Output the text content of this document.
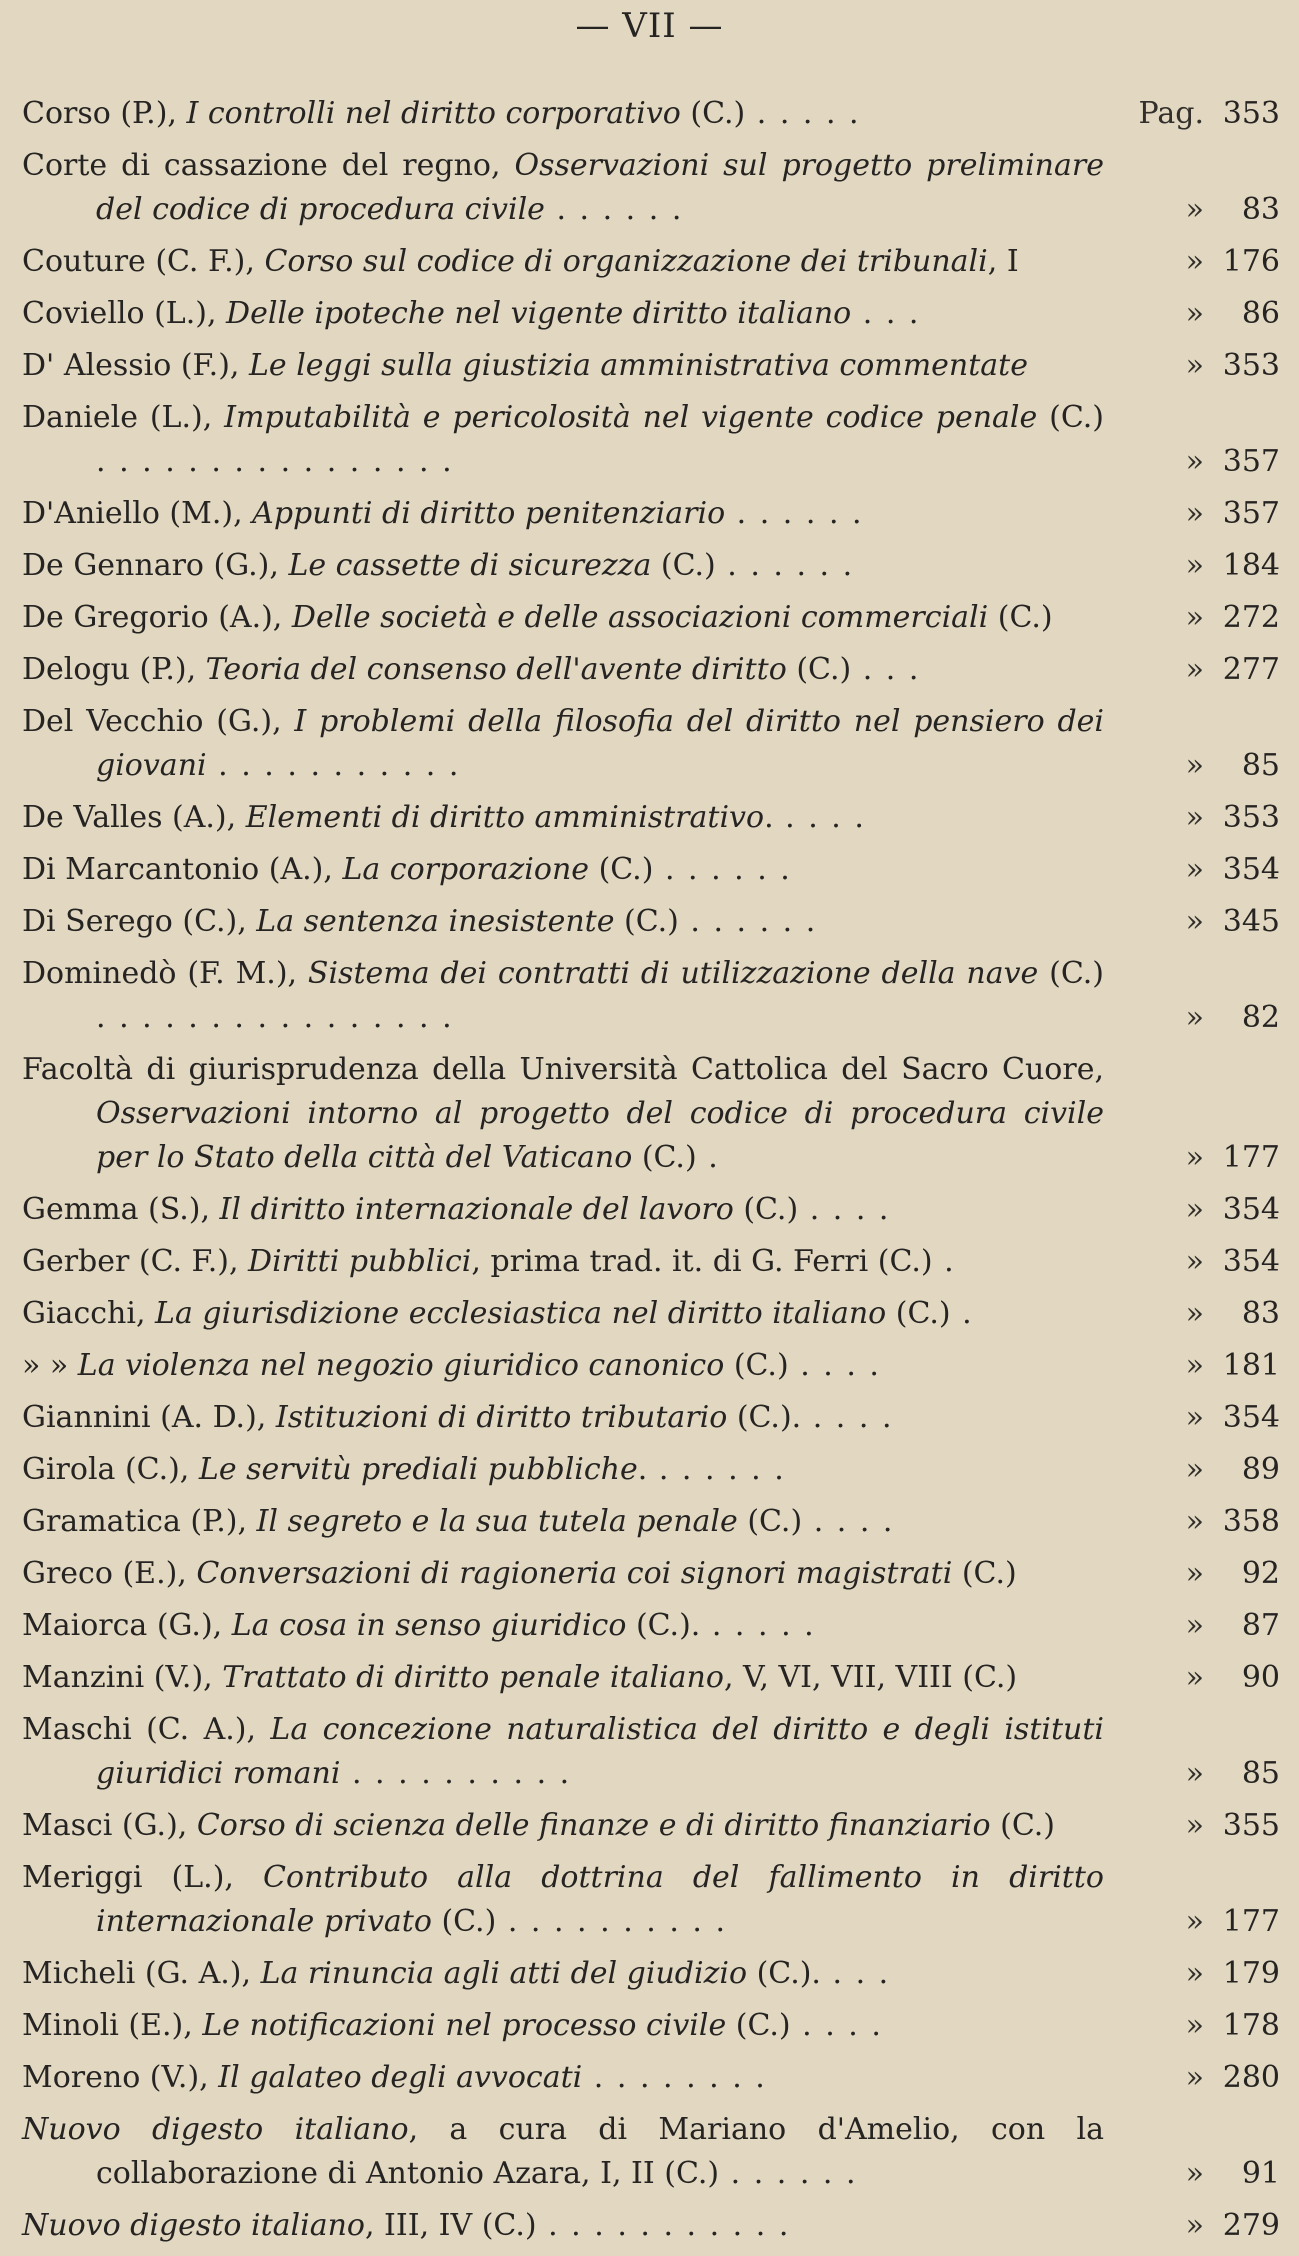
— VII —
Corso (P.), I controlli nel diritto corporativo (C.) . . . . .	Pag. 353
Corte di cassazione del regno, Osservazioni sul progetto preliminare del codice di procedura civile . . . . . .	»	83
Couture (C. F.), Corso sul codice di organizzazione dei tribunali, I	» 176
Coviello (L.), Delle ipoteche nel vigente diritto italiano . . .	»	86
D' Alessio (F.), Le leggi sulla giustizia amministrativa commentate	» 353
Daniele (L.), Imputabilità e pericolosità nel vigente codice penale (C.) . . . . . . . . . . . . . . . .	» 357
D'Aniello (M.), Appunti di diritto penitenziario . . . . . .	» 357
De Gennaro (G.), Le cassette di sicurezza (C.) . . . . . .	» 184
De Gregorio (A.), Delle società e delle associazioni commerciali (C.)	» 272
Delogu (P.), Teoria del consenso dell'avente diritto (C.) . . .	» 277
Del Vecchio (G.), I problemi della filosofia del diritto nel pensiero dei giovani . . . . . . . . . . .	»	85
De Valles (A.), Elementi di diritto amministrativo. . . . .	» 353
Di Marcantonio (A.), La corporazione (C.) . . . . . .	» 354
Di Serego (C.), La sentenza inesistente (C.) . . . . . .	» 345
Dominedò (F. M.), Sistema dei contratti di utilizzazione della nave (C.) . . . . . . . . . . . . . . . .	»	82
Facoltà di giurisprudenza della Università Cattolica del Sacro Cuore, Osservazioni intorno al progetto del codice di procedura civile per lo Stato della città del Vaticano (C.) .	» 177
Gemma (S.), Il diritto internazionale del lavoro (C.) . . . .	» 354
Gerber (C. F.), Diritti pubblici, prima trad. it. di G. Ferri (C.) .	» 354
Giacchi, La giurisdizione ecclesiastica nel diritto italiano (C.) .	»	83
» » La violenza nel negozio giuridico canonico (C.) . . . .	» 181
Giannini (A. D.), Istituzioni di diritto tributario (C.). . . . .	» 354
Girola (C.), Le servitù prediali pubbliche. . . . . . .	»	89
Gramatica (P.), Il segreto e la sua tutela penale (C.) . . . .	» 358
Greco (E.), Conversazioni di ragioneria coi signori magistrati (C.)	»	92
Maiorca (G.), La cosa in senso giuridico (C.). . . . . .	»	87
Manzini (V.), Trattato di diritto penale italiano, V, VI, VII, VIII (C.)	»	90
Maschi (C. A.), La concezione naturalistica del diritto e degli istituti giuridici romani . . . . . . . . . .	»	85
Masci (G.), Corso di scienza delle finanze e di diritto finanziario (C.)	» 355
Meriggi (L.), Contributo alla dottrina del fallimento in diritto internazionale privato (C.) . . . . . . . . . .	» 177
Micheli (G. A.), La rinuncia agli atti del giudizio (C.). . . .	» 179
Minoli (E.), Le notificazioni nel processo civile (C.) . . . .	» 178
Moreno (V.), Il galateo degli avvocati . . . . . . . .	» 280
Nuovo digesto italiano, a cura di Mariano d'Amelio, con la collaborazione di Antonio Azara, I, II (C.) . . . . . .	»	91
Nuovo digesto italiano, III, IV (C.) . . . . . . . . . . .	» 279
